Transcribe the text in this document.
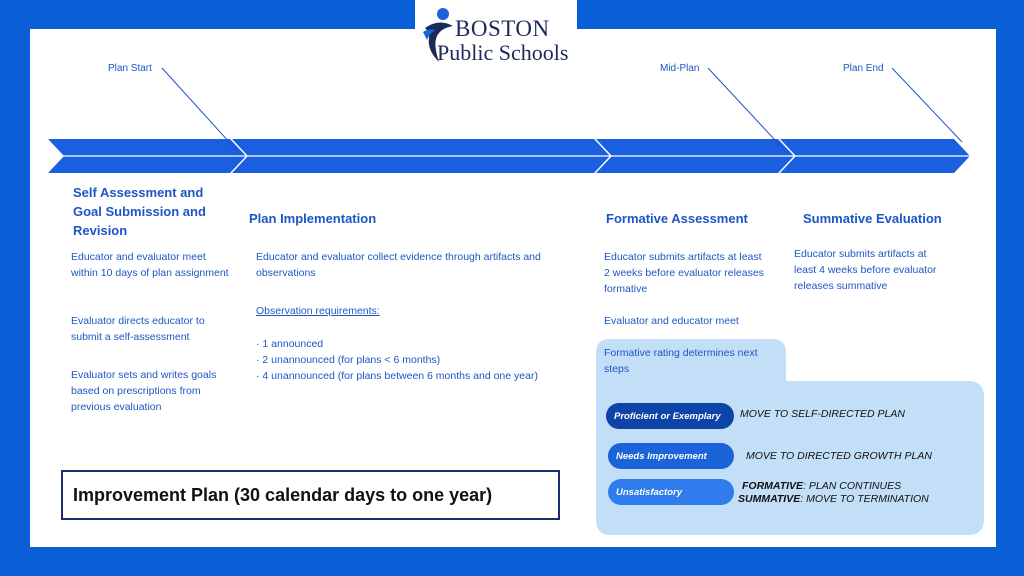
BOSTON
Public Schools
Plan Start	Mid-Plan	Plan End
Self Assessment and Goal Submission and Revision
Educator and evaluator meet within 10 days of plan assignment
Evaluator directs educator to submit a self-assessment
Evaluator sets and writes goals based on prescriptions from previous evaluation
Plan Implementation
Educator and evaluator collect evidence through artifacts and observations
Observation requirements:
· 1 announced
· 2 unannounced (for plans < 6 months)
· 4 unannounced (for plans between 6 months and one year)
Formative Assessment
Educator submits artifacts at least 2 weeks before evaluator releases formative
Evaluator and educator meet
Summative Evaluation
Educator submits artifacts at least 4 weeks before evaluator releases summative
Formative rating determines next steps
Proficient or Exemplary	MOVE TO SELF-DIRECTED PLAN
Needs Improvement	MOVE TO DIRECTED GROWTH PLAN
Unsatisfactory	FORMATIVE: PLAN CONTINUES
SUMMATIVE: MOVE TO TERMINATION
Improvement Plan (30 calendar days to one year)
